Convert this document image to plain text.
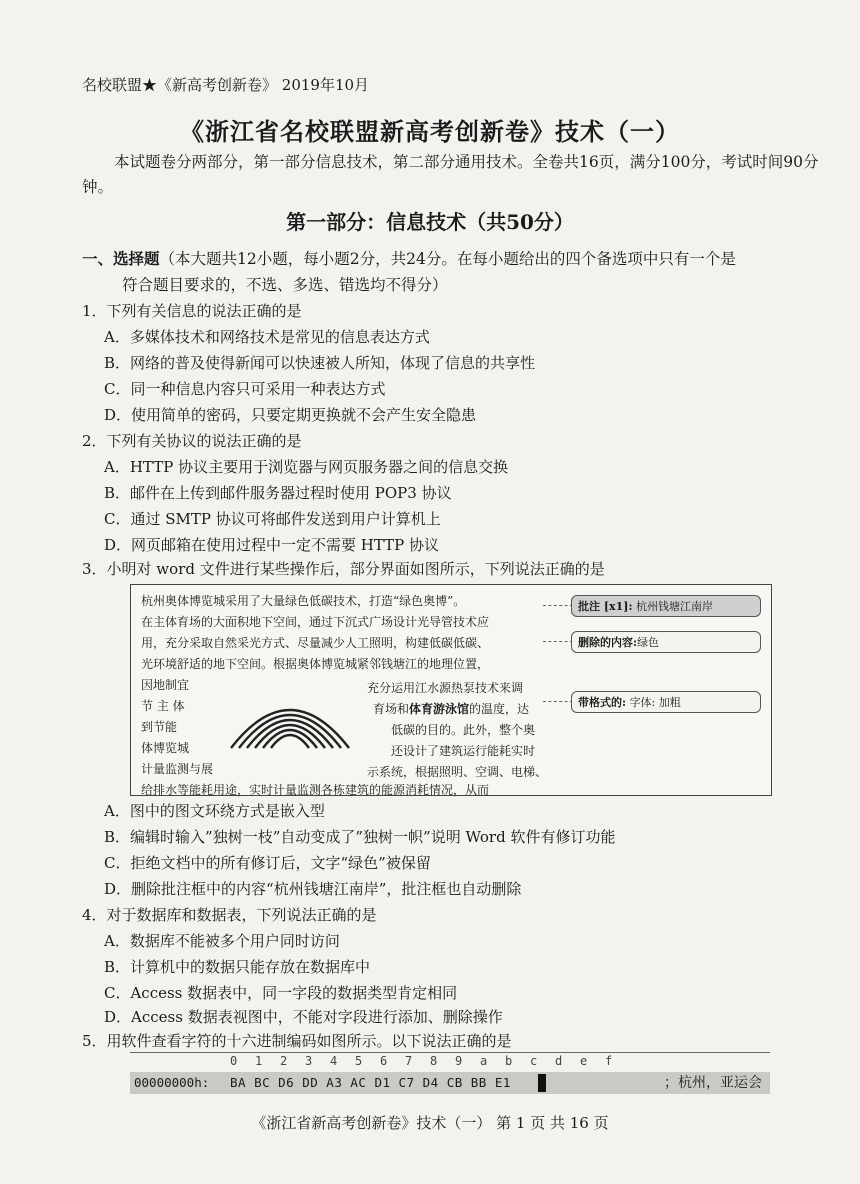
名校联盟★《新高考创新卷》 2019年10月
《浙江省名校联盟新高考创新卷》技术（一）
本试题卷分两部分，第一部分信息技术，第二部分通用技术。全卷共16页，满分100分，考试时间90分钟。
第一部分：信息技术（共50分）
一、选择题（本大题共12小题，每小题2分，共24分。在每小题给出的四个备选项中只有一个是
符合题目要求的，不选、多选、错选均不得分）
1．下列有关信息的说法正确的是
A．多媒体技术和网络技术是常见的信息表达方式
B．网络的普及使得新闻可以快速被人所知，体现了信息的共享性
C．同一种信息内容只可采用一种表达方式
D．使用简单的密码，只要定期更换就不会产生安全隐患
2．下列有关协议的说法正确的是
A．HTTP 协议主要用于浏览器与网页服务器之间的信息交换
B．邮件在上传到邮件服务器过程时使用 POP3 协议
C．通过 SMTP 协议可将邮件发送到用户计算机上
D．网页邮箱在使用过程中一定不需要 HTTP 协议
3．小明对 word 文件进行某些操作后，部分界面如图所示，下列说法正确的是
杭州奥体博览城采用了大量绿色低碳技术，打造“绿色奥博”。
在主体育场的大面积地下空间，通过下沉式广场设计光导管技术应
用，充分采取自然采光方式、尽量减少人工照明，构建低碳低碳、
光环境舒适的地下空间。根据奥体博览城紧邻钱塘江的地理位置，
因地制宜
节 主 体
到节能
体博览城
计量监测与展
给排水等能耗用途，实时计量监测各栋建筑的能源消耗情况，从而
充分运用江水源热泵技术来调
育场和体育游泳馆的温度，达
低碳的目的。此外，整个奥
还设计了建筑运行能耗实时
示系统，根据照明、空调、电梯、
批注 [x1]: 杭州钱塘江南岸
删除的内容:绿色
带格式的: 字体: 加粗
A．图中的图文环绕方式是嵌入型
B．编辑时输入”独树一枝”自动变成了”独树一帜”说明 Word 软件有修订功能
C．拒绝文档中的所有修订后，文字“绿色”被保留
D．删除批注框中的内容“杭州钱塘江南岸”，批注框也自动删除
4．对于数据库和数据表，下列说法正确的是
A．数据库不能被多个用户同时访问
B．计算机中的数据只能存放在数据库中
C．Access 数据表中，同一字段的数据类型肯定相同
D．Access 数据表视图中，不能对字段进行添加、删除操作
5．用软件查看字符的十六进制编码如图所示。以下说法正确的是
0 1 2 3 4 5 6 7 8 9 a b c d e f
00000000h: BA BC D6 DD A3 AC D1 C7 D4 CB BB E1	；杭州，亚运会
《浙江省新高考创新卷》技术（一） 第 1 页 共 16 页
